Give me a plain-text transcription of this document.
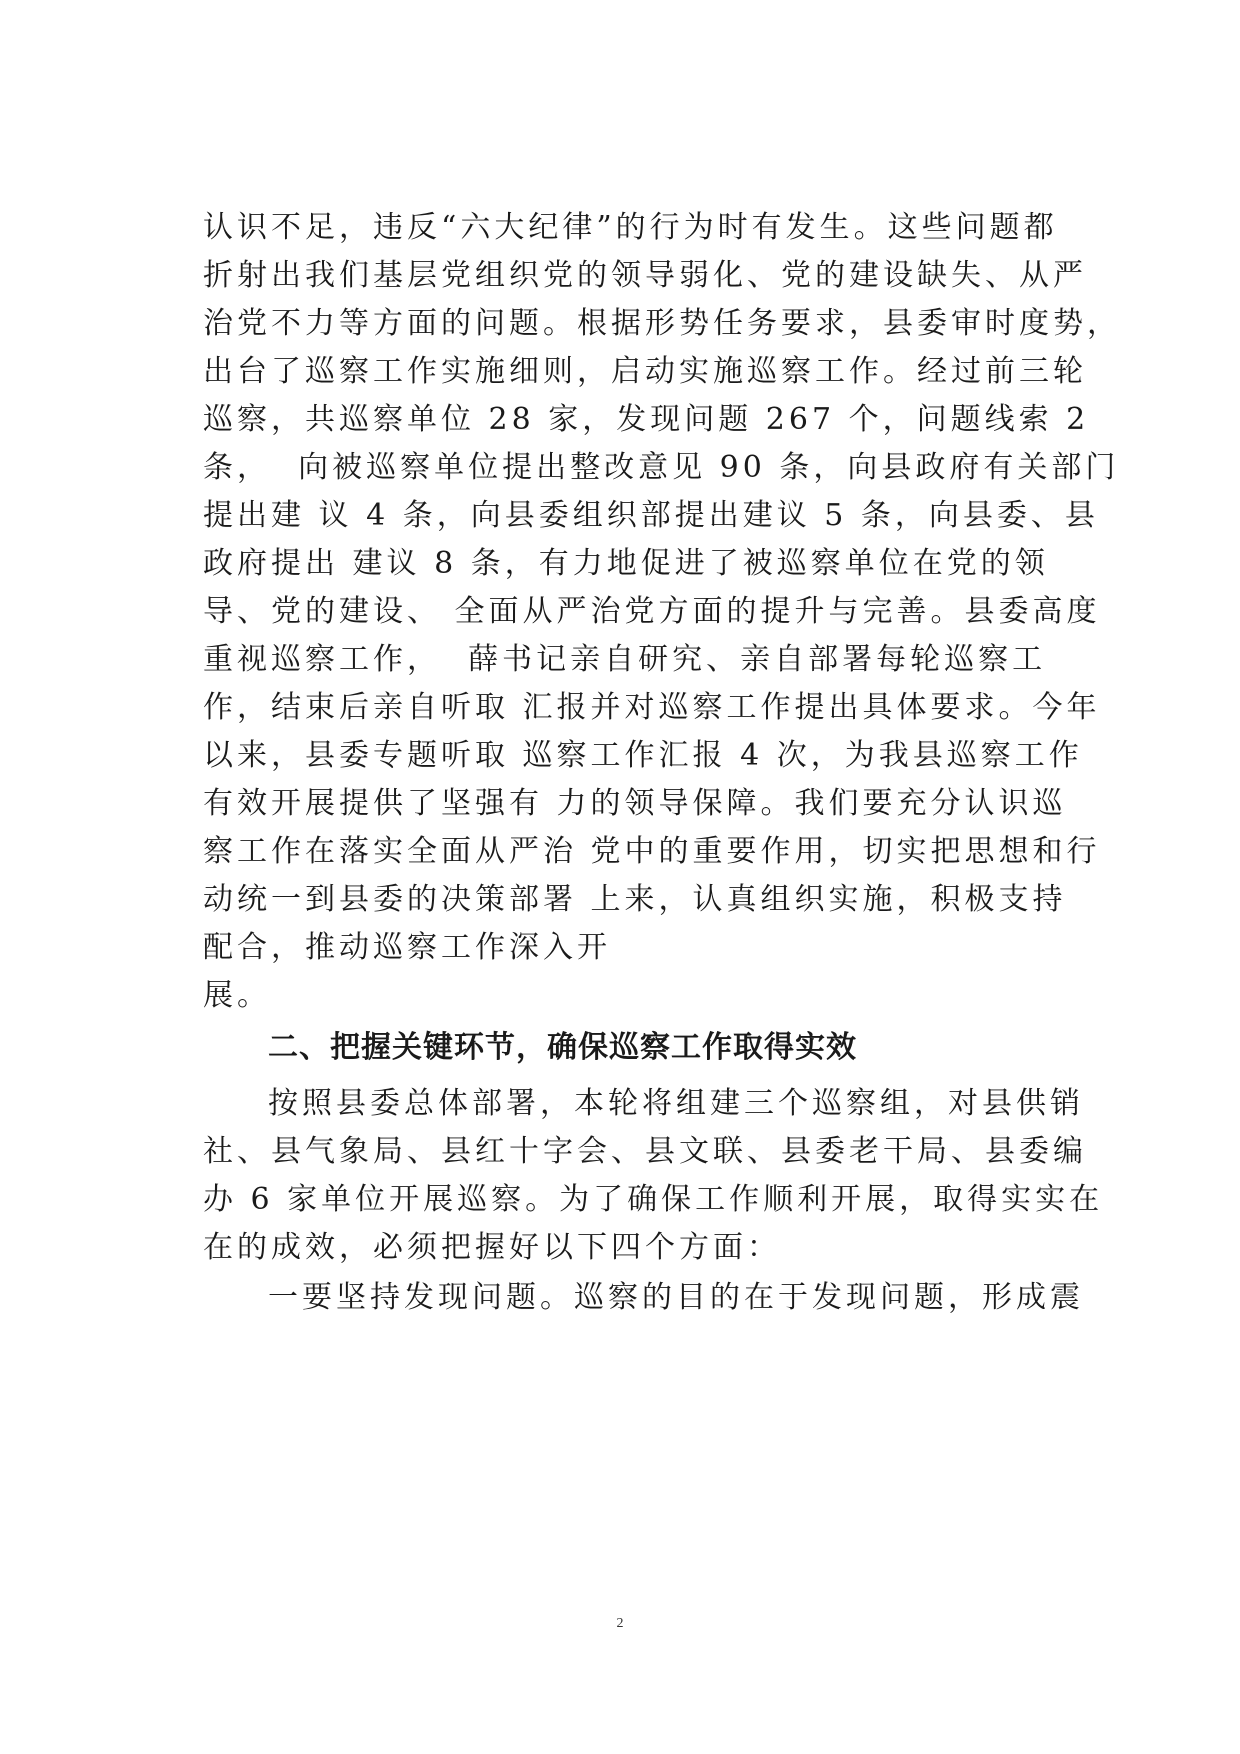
认识不足，违反“六大纪律”的行为时有发生。这些问题都
折射出我们基层党组织党的领导弱化、党的建设缺失、从严
治党不力等方面的问题。根据形势任务要求，县委审时度势，
出台了巡察工作实施细则，启动实施巡察工作。经过前三轮
巡察，共巡察单位 28 家，发现问题 267 个，问题线索 2
条，  向被巡察单位提出整改意见 90 条，向县政府有关部门
提出建 议 4 条，向县委组织部提出建议 5 条，向县委、县
政府提出 建议 8 条，有力地促进了被巡察单位在党的领
导、党的建设、 全面从严治党方面的提升与完善。县委高度
重视巡察工作，  薛书记亲自研究、亲自部署每轮巡察工
作，结束后亲自听取 汇报并对巡察工作提出具体要求。今年
以来，县委专题听取 巡察工作汇报 4 次，为我县巡察工作
有效开展提供了坚强有 力的领导保障。我们要充分认识巡
察工作在落实全面从严治 党中的重要作用，切实把思想和行
动统一到县委的决策部署 上来，认真组织实施，积极支持
配合，推动巡察工作深入开
展。
二、把握关键环节，确保巡察工作取得实效
按照县委总体部署，本轮将组建三个巡察组，对县供销
社、县气象局、县红十字会、县文联、县委老干局、县委编
办 6 家单位开展巡察。为了确保工作顺利开展，取得实实在
在的成效，必须把握好以下四个方面：
一要坚持发现问题。巡察的目的在于发现问题，形成震
2
